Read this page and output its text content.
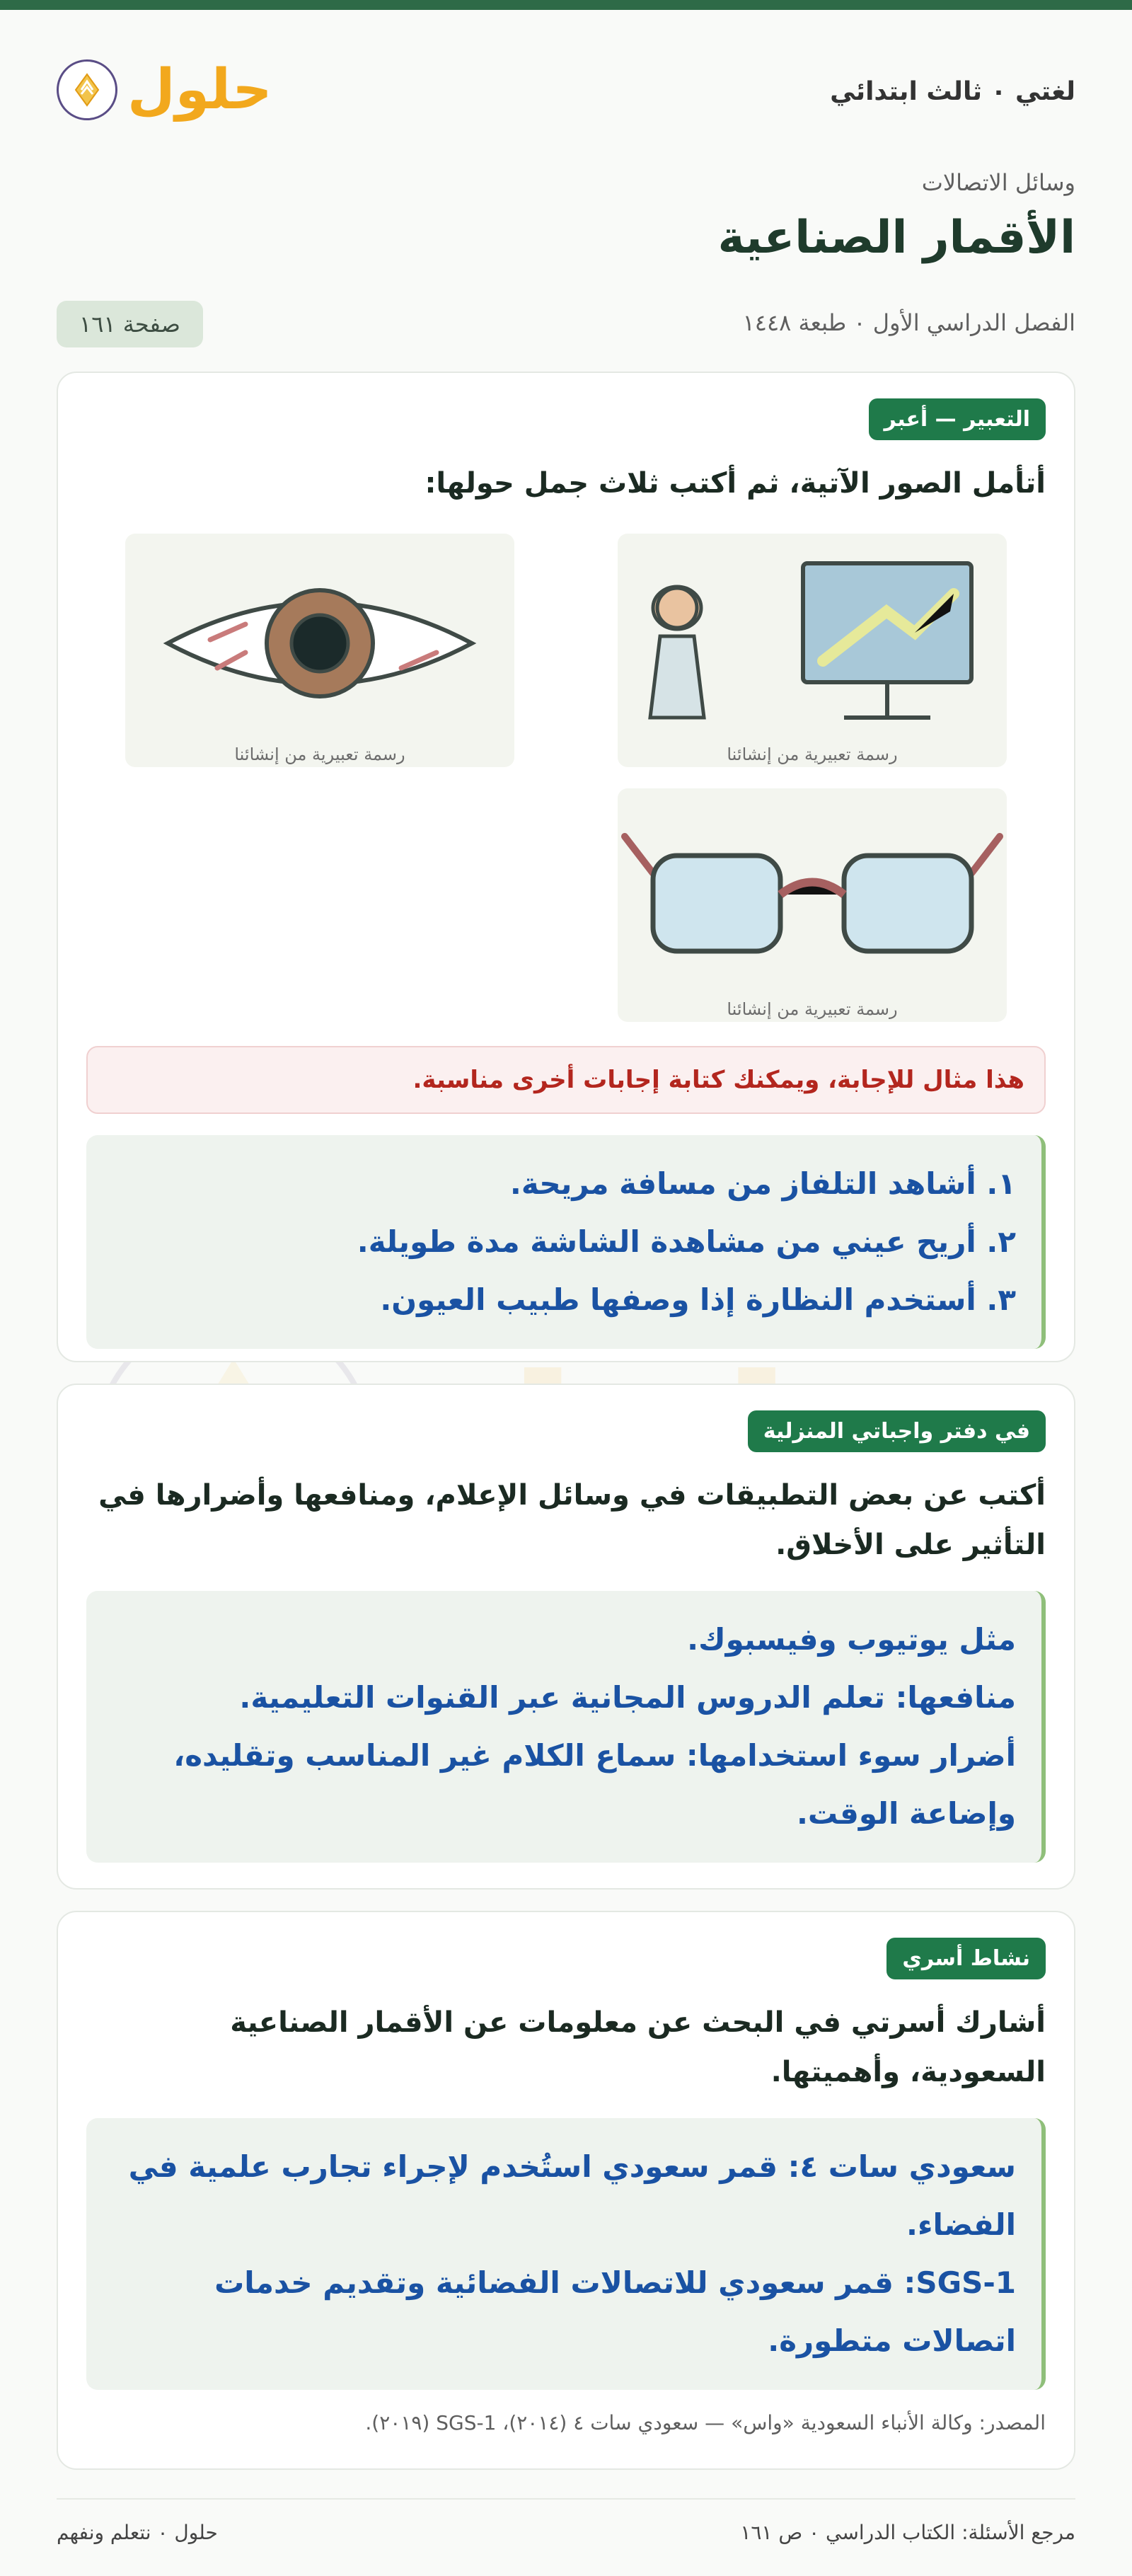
لغتي ٠ ثالث ابتدائي
حلول
وسائل الاتصالات
الأقمار الصناعية
الفصل الدراسي الأول ٠ طبعة ١٤٤٨
صفحة ١٦١
التعبير — أعبر
أتأمل الصور الآتية، ثم أكتب ثلاث جمل حولها:
رسمة تعبيرية من إنشائنا
رسمة تعبيرية من إنشائنا
رسمة تعبيرية من إنشائنا
هذا مثال للإجابة، ويمكنك كتابة إجابات أخرى مناسبة.
١. أشاهد التلفاز من مسافة مريحة.
٢. أريح عيني من مشاهدة الشاشة مدة طويلة.
٣. أستخدم النظارة إذا وصفها طبيب العيون.
في دفتر واجباتي المنزلية
أكتب عن بعض التطبيقات في وسائل الإعلام، ومنافعها وأضرارها في التأثير على الأخلاق.
مثل يوتيوب وفيسبوك.
منافعها: تعلم الدروس المجانية عبر القنوات التعليمية.
أضرار سوء استخدامها: سماع الكلام غير المناسب وتقليده، وإضاعة الوقت.
نشاط أسري
أشارك أسرتي في البحث عن معلومات عن الأقمار الصناعية السعودية، وأهميتها.
سعودي سات ٤: قمر سعودي استُخدم لإجراء تجارب علمية في الفضاء.
SGS-1: قمر سعودي للاتصالات الفضائية وتقديم خدمات اتصالات متطورة.
المصدر: وكالة الأنباء السعودية «واس» — سعودي سات ٤ (٢٠١٤)، SGS-1 (٢٠١٩).
مرجع الأسئلة: الكتاب الدراسي ٠ ص ١٦١
حلول ٠ نتعلم ونفهم
